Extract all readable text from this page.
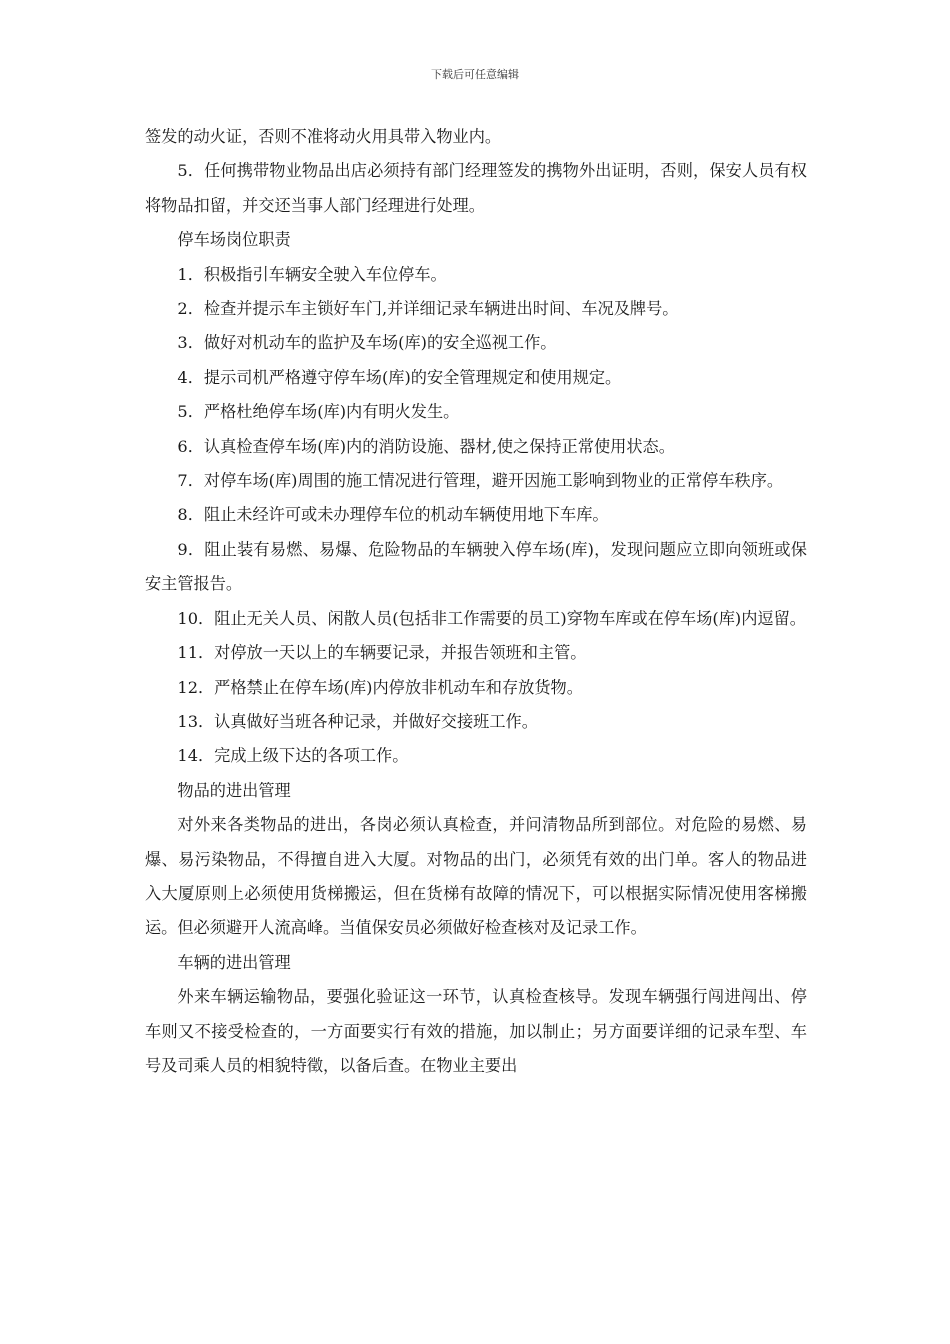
下载后可任意编辑

签发的动火证，否则不准将动火用具带入物业内。

5．任何携带物业物品出店必须持有部门经理签发的携物外出证明，否则，保安人员有权将物品扣留，并交还当事人部门经理进行处理。

停车场岗位职责

1．积极指引车辆安全驶入车位停车。

2．检查并提示车主锁好车门,并详细记录车辆进出时间、车况及牌号。

3．做好对机动车的监护及车场(库)的安全巡视工作。

4．提示司机严格遵守停车场(库)的安全管理规定和使用规定。

5．严格杜绝停车场(库)内有明火发生。

6．认真检查停车场(库)内的消防设施、器材,使之保持正常使用状态。

7．对停车场(库)周围的施工情况进行管理，避开因施工影响到物业的正常停车秩序。

8．阻止未经许可或未办理停车位的机动车辆使用地下车库。

9．阻止装有易燃、易爆、危险物品的车辆驶入停车场(库)，发现问题应立即向领班或保安主管报告。

10．阻止无关人员、闲散人员(包括非工作需要的员工)穿物车库或在停车场(库)内逗留。

11．对停放一天以上的车辆要记录，并报告领班和主管。

12．严格禁止在停车场(库)内停放非机动车和存放货物。

13．认真做好当班各种记录，并做好交接班工作。

14．完成上级下达的各项工作。

物品的进出管理

对外来各类物品的进出，各岗必须认真检查，并问清物品所到部位。对危险的易燃、易爆、易污染物品，不得擅自进入大厦。对物品的出门，必须凭有效的出门单。客人的物品进入大厦原则上必须使用货梯搬运，但在货梯有故障的情况下，可以根据实际情况使用客梯搬运。但必须避开人流高峰。当值保安员必须做好检查核对及记录工作。

车辆的进出管理

外来车辆运输物品，要强化验证这一环节，认真检查核导。发现车辆强行闯进闯出、停车则又不接受检查的，一方面要实行有效的措施，加以制止；另方面要详细的记录车型、车号及司乘人员的相貌特徵，以备后查。在物业主要出
